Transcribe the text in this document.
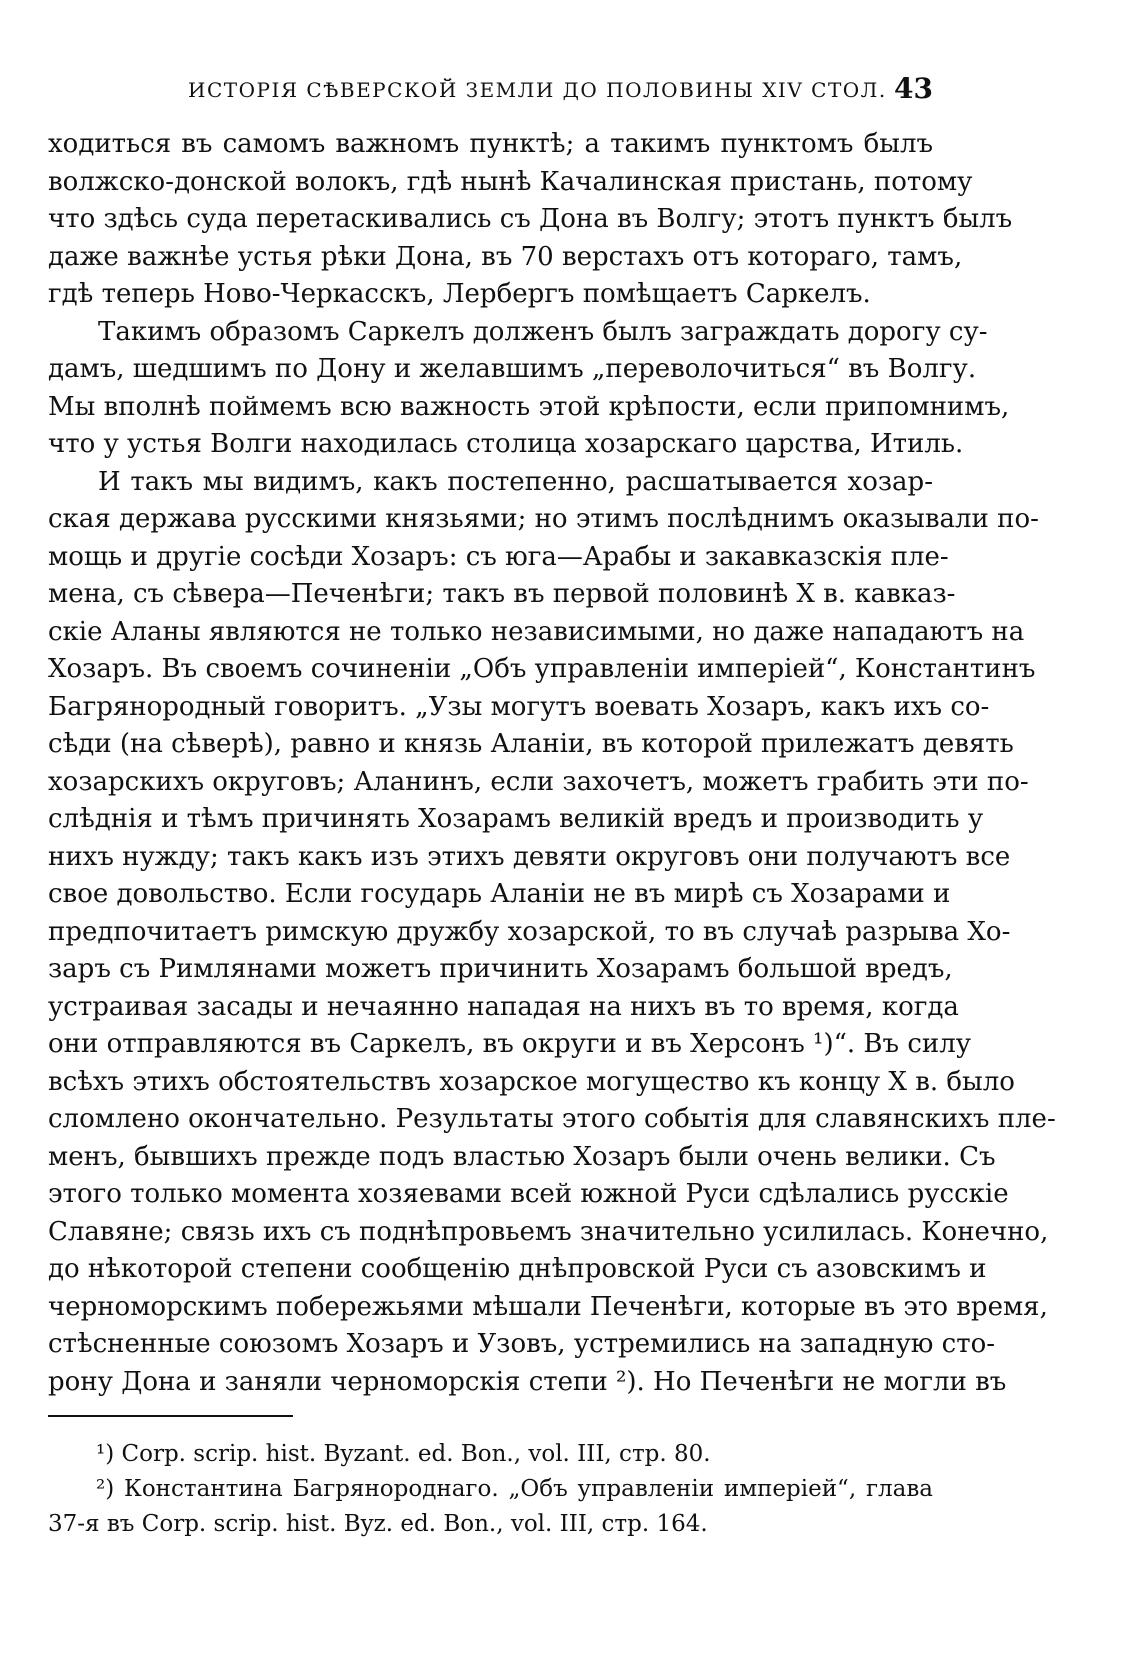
ИСТОРІЯ СѢВЕРСКОЙ ЗЕМЛИ ДО ПОЛОВИНЫ XIV СТОЛ. 43
ходиться въ самомъ важномъ пунктѣ; а такимъ пунктомъ былъ
волжско-донской волокъ, гдѣ нынѣ Качалинская пристань, потому
что здѣсь суда перетаскивались съ Дона въ Волгу; этотъ пунктъ былъ
даже важнѣе устья рѣки Дона, въ 70 верстахъ отъ котораго, тамъ,
гдѣ теперь Ново-Черкасскъ, Лербергъ помѣщаетъ Саркелъ.
Такимъ образомъ Саркелъ долженъ былъ заграждать дорогу су-
дамъ, шедшимъ по Дону и желавшимъ „переволочиться“ въ Волгу.
Мы вполнѣ поймемъ всю важность этой крѣпости, если припомнимъ,
что у устья Волги находилась столица хозарскаго царства, Итиль.
И такъ мы видимъ, какъ постепенно, расшатывается хозар-
ская держава русскими князьями; но этимъ послѣднимъ оказывали по-
мощь и другіе сосѣди Хозаръ: съ юга—Арабы и закавказскія пле-
мена, съ сѣвера—Печенѣги; такъ въ первой половинѣ X в. кавказ-
скіе Аланы являются не только независимыми, но даже нападаютъ на
Хозаръ. Въ своемъ сочиненіи „Объ управленіи имперіей“, Константинъ
Багрянородный говоритъ. „Узы могутъ воевать Хозаръ, какъ ихъ со-
сѣди (на сѣверѣ), равно и князь Аланіи, въ которой прилежатъ девять
хозарскихъ округовъ; Аланинъ, если захочетъ, можетъ грабить эти по-
слѣднія и тѣмъ причинять Хозарамъ великій вредъ и производить у
нихъ нужду; такъ какъ изъ этихъ девяти округовъ они получаютъ все
свое довольство. Если государь Аланіи не въ мирѣ съ Хозарами и
предпочитаетъ римскую дружбу хозарской, то въ случаѣ разрыва Хо-
заръ съ Римлянами можетъ причинить Хозарамъ большой вредъ,
устраивая засады и нечаянно нападая на нихъ въ то время, когда
они отправляются въ Саркелъ, въ округи и въ Херсонъ ¹)“. Въ силу
всѣхъ этихъ обстоятельствъ хозарское могущество къ концу X в. было
сломлено окончательно. Результаты этого событія для славянскихъ пле-
менъ, бывшихъ прежде подъ властью Хозаръ были очень велики. Съ
этого только момента хозяевами всей южной Руси сдѣлались русскіе
Славяне; связь ихъ съ поднѣпровьемъ значительно усилилась. Конечно,
до нѣкоторой степени сообщенію днѣпровской Руси съ азовскимъ и
черноморскимъ побережьями мѣшали Печенѣги, которые въ это время,
стѣсненные союзомъ Хозаръ и Узовъ, устремились на западную сто-
рону Дона и заняли черноморскія степи ²). Но Печенѣги не могли въ
¹) Corp. scrip. hist. Byzant. ed. Bon., vol. III, стр. 80.
²) Константина Багрянороднаго. „Объ управленіи имперіей“, глава
37-я въ Corp. scrip. hist. Byz. ed. Bon., vol. III, стр. 164.
